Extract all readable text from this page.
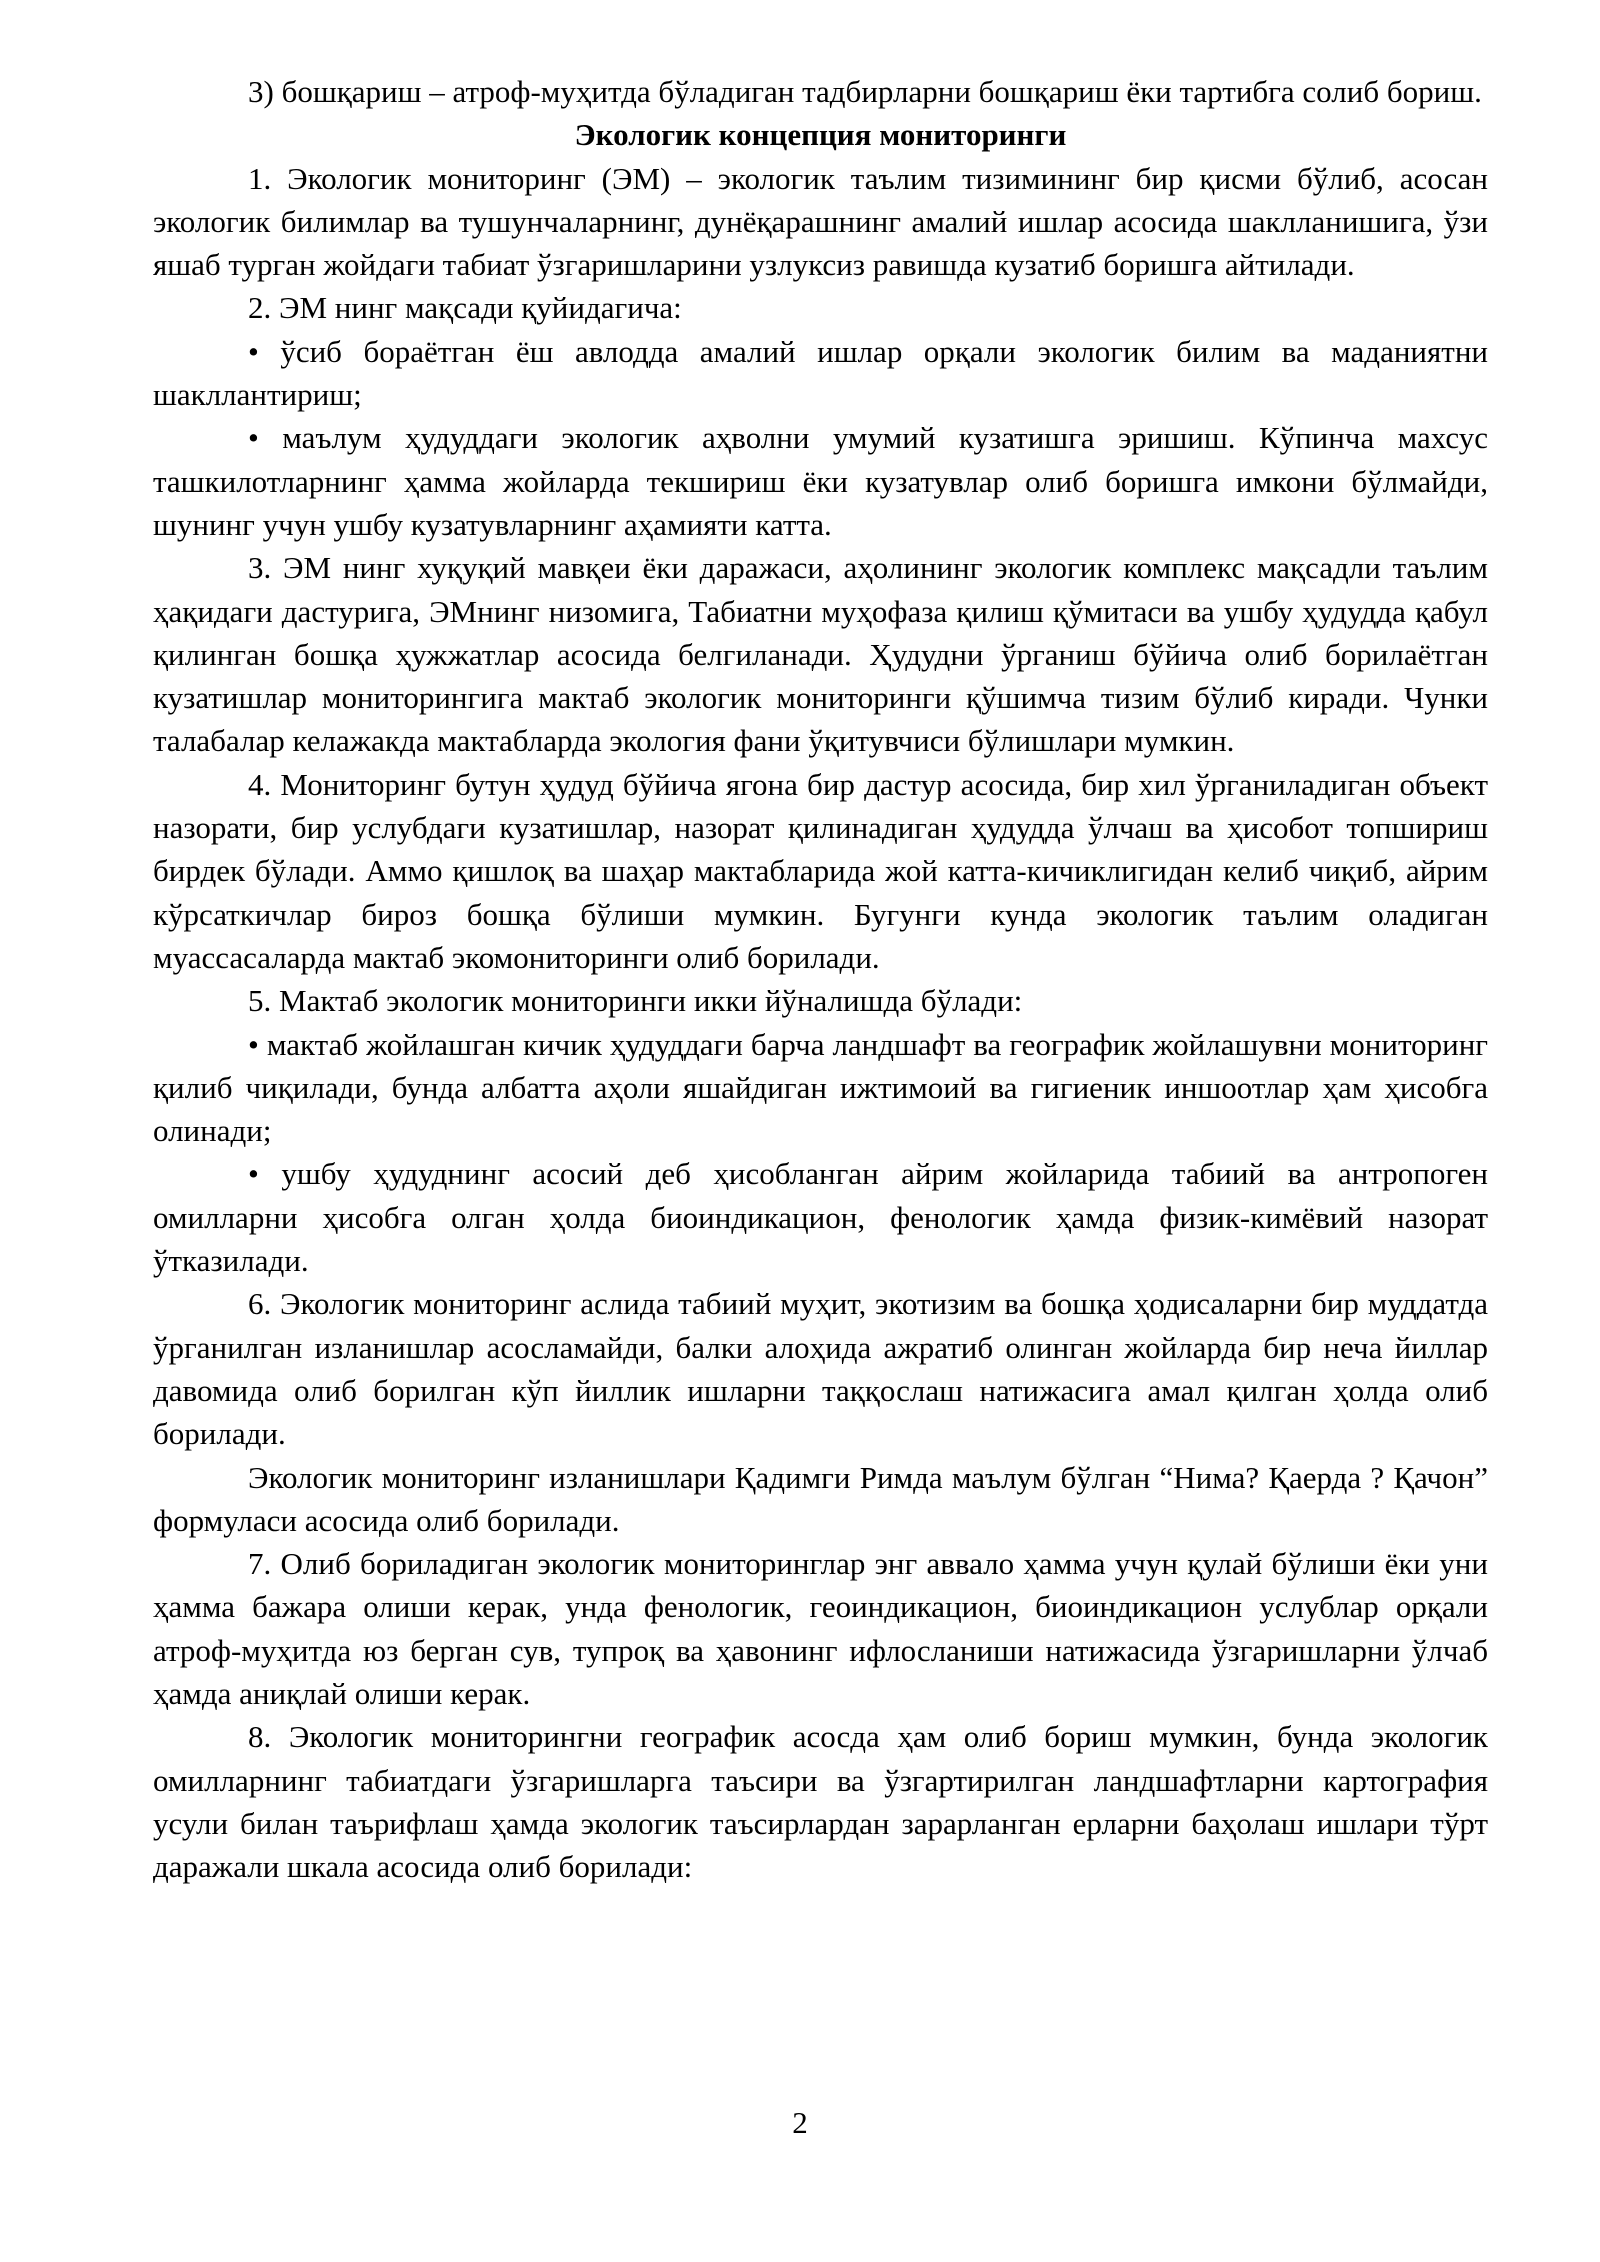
3) бошқариш – атроф-муҳитда бўладиган тадбирларни бошқариш ёки тартибга солиб бориш.

Экологик концепция мониторинги

1. Экологик мониторинг (ЭМ) – экологик таълим тизимининг бир қисми бўлиб, асосан экологик билимлар ва тушунчаларнинг, дунёқарашнинг амалий ишлар асосида шаклланишига, ўзи яшаб турган жойдаги табиат ўзгаришларини узлуксиз равишда кузатиб боришга айтилади.

2. ЭМ нинг мақсади қуйидагича:

• ўсиб бораётган ёш авлодда амалий ишлар орқали экологик билим ва маданиятни шакллантириш;

• маълум ҳудуддаги экологик аҳволни умумий кузатишга эришиш. Кўпинча махсус ташкилотларнинг ҳамма жойларда текшириш ёки кузатувлар олиб боришга имкони бўлмайди, шунинг учун ушбу кузатувларнинг аҳамияти катта.

3. ЭМ нинг хуқуқий мавқеи ёки даражаси, аҳолининг экологик комплекс мақсадли таълим ҳақидаги дастурига, ЭМнинг низомига, Табиатни муҳофаза қилиш қўмитаси ва ушбу ҳудудда қабул қилинган бошқа ҳужжатлар асосида белгиланади. Ҳудудни ўрганиш бўйича олиб борилаётган кузатишлар мониторингига мактаб экологик мониторинги қўшимча тизим бўлиб киради. Чунки талабалар келажакда мактабларда экология фани ўқитувчиси бўлишлари мумкин.

4. Мониторинг бутун ҳудуд бўйича ягона бир дастур асосида, бир хил ўрганиладиган объект назорати, бир услубдаги кузатишлар, назорат қилинадиган ҳудудда ўлчаш ва ҳисобот топшириш бирдек бўлади. Аммо қишлоқ ва шаҳар мактабларида жой катта-кичиклигидан келиб чиқиб, айрим кўрсаткичлар бироз бошқа бўлиши мумкин. Бугунги кунда экологик таълим оладиган муассасаларда мактаб экомониторинги олиб борилади.

5. Мактаб экологик мониторинги икки йўналишда бўлади:

• мактаб жойлашган кичик ҳудуддаги барча ландшафт ва географик жойлашувни мониторинг қилиб чиқилади, бунда албатта аҳоли яшайдиган ижтимоий ва гигиеник иншоотлар ҳам ҳисобга олинади;

• ушбу ҳудуднинг асосий деб ҳисобланган айрим жойларида табиий ва антропоген омилларни ҳисобга олган ҳолда биоиндикацион, фенологик ҳамда физик-кимёвий назорат ўтказилади.

6. Экологик мониторинг аслида табиий муҳит, экотизим ва бошқа ҳодисаларни бир муддатда ўрганилган изланишлар асосламайди, балки алоҳида ажратиб олинган жойларда бир неча йиллар давомида олиб борилган кўп йиллик ишларни таққослаш натижасига амал қилган ҳолда олиб борилади.

Экологик мониторинг изланишлари Қадимги Римда маълум бўлган “Нима? Қаерда ? Қачон” формуласи асосида олиб борилади.

7. Олиб бориладиган экологик мониторинглар энг аввало ҳамма учун қулай бўлиши ёки уни ҳамма бажара олиши керак, унда фенологик, геоиндикацион, биоиндикацион услублар орқали атроф-муҳитда юз берган сув, тупроқ ва ҳавонинг ифлосланиши натижасида ўзгаришларни ўлчаб ҳамда аниқлай олиши керак.

8. Экологик мониторингни географик асосда ҳам олиб бориш мумкин, бунда экологик омилларнинг табиатдаги ўзгаришларга таъсири ва ўзгартирилган ландшафтларни картография усули билан таърифлаш ҳамда экологик таъсирлардан зарарланган ерларни баҳолаш ишлари тўрт даражали шкала асосида олиб борилади:

2
